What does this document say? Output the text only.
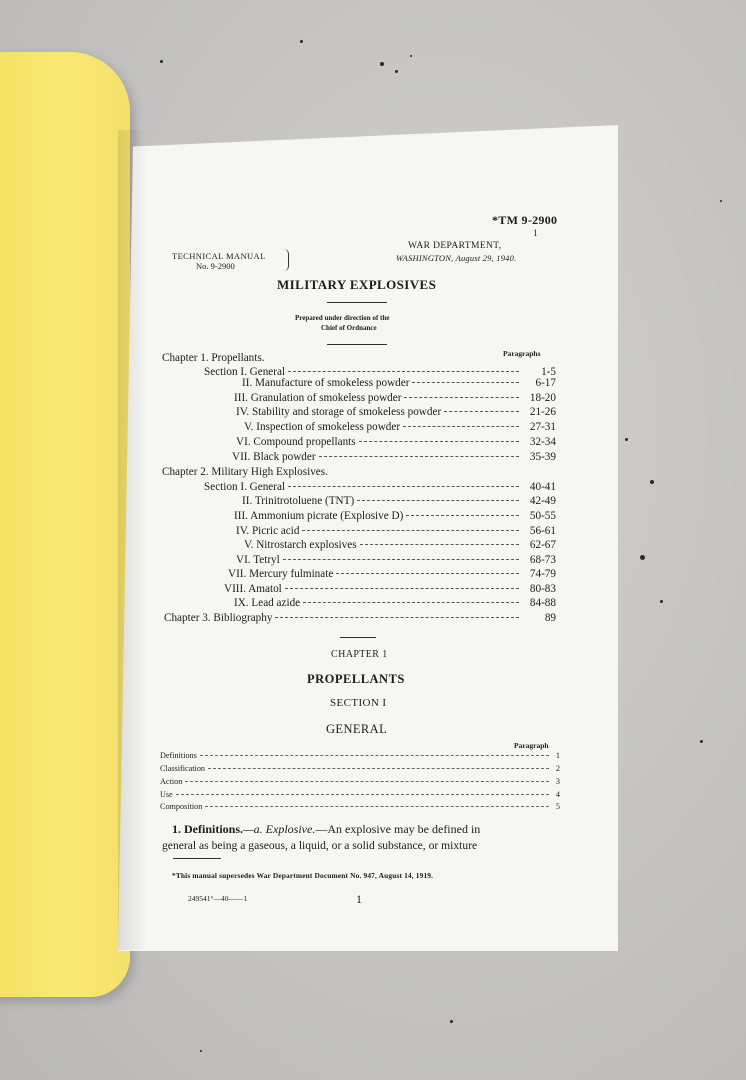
*TM 9-2900
1
TECHNICAL MANUAL
No. 9-2900
WAR DEPARTMENT,
WASHINGTON, August 29, 1940.
MILITARY EXPLOSIVES
Prepared under direction of the
Chief of Ordnance
Paragraphs
Chapter 1. Propellants.
Section I. General	1-5
II. Manufacture of smokeless powder	6-17
III. Granulation of smokeless powder	18-20
IV. Stability and storage of smokeless powder	21-26
V. Inspection of smokeless powder	27-31
VI. Compound propellants	32-34
VII. Black powder	35-39
Chapter 2. Military High Explosives.
Section I. General	40-41
II. Trinitrotoluene (TNT)	42-49
III. Ammonium picrate (Explosive D)	50-55
IV. Picric acid	56-61
V. Nitrostarch explosives	62-67
VI. Tetryl	68-73
VII. Mercury fulminate	74-79
VIII. Amatol	80-83
IX. Lead azide	84-88
Chapter 3. Bibliography	89
CHAPTER 1
PROPELLANTS
SECTION I
GENERAL
Paragraph
Definitions	1
Classification	2
Action	3
Use	4
Composition	5
1. Definitions.—a. Explosive.—An explosive may be defined in
general as being a gaseous, a liquid, or a solid substance, or mixture
*This manual supersedes War Department Document No. 947, August 14, 1919.
249541°—40——1	1
